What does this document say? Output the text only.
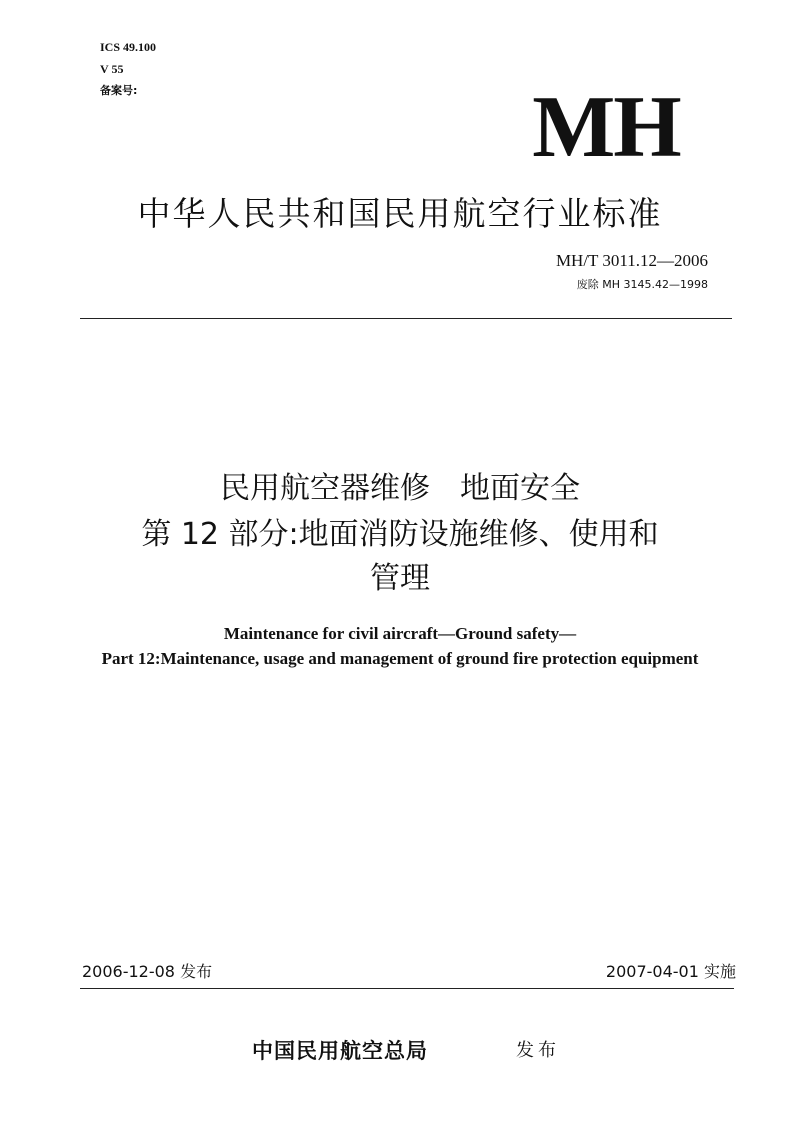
ICS 49.100
V 55
备案号:	MH
中华人民共和国民用航空行业标准
MH/T 3011.12—2006
废除 MH 3145.42—1998
民用航空器维修　地面安全
第 12 部分:地面消防设施维修、使用和
管理
Maintenance for civil aircraft—Ground safety—
Part 12:Maintenance, usage and management of ground fire protection equipment
2006-12-08 发布	2007-04-01 实施
中国民用航空总局	发布
